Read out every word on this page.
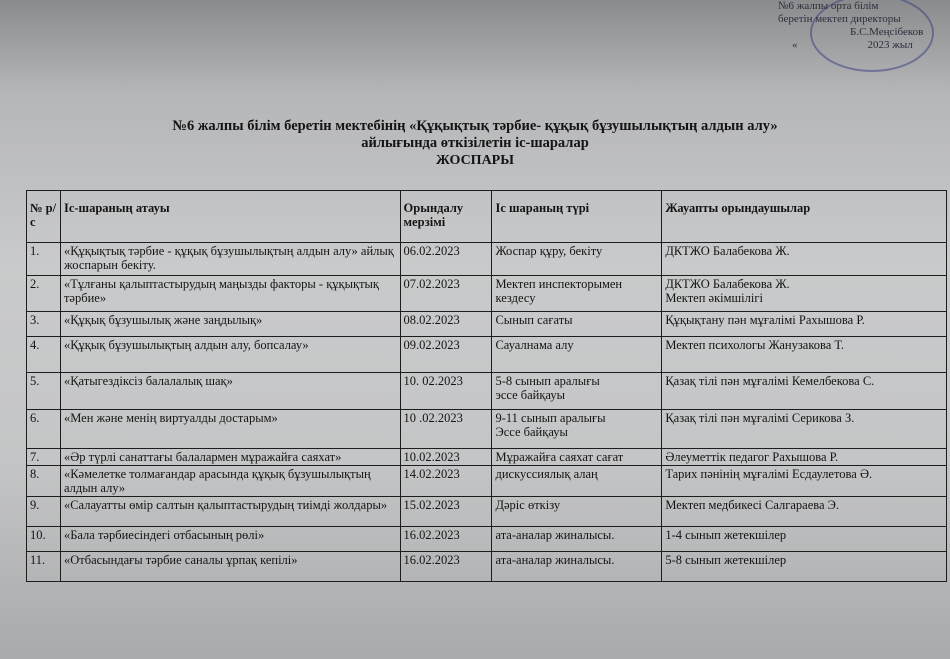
№6 жалпы орта білім
беретін мектеп директоры
Б.С.Меңсібеков
«	2023 жыл
№6 жалпы білім беретін мектебінің «Құқықтық тәрбие- құқық бұзушылықтың алдын алу»
айлығында өткізілетін іс-шаралар
ЖОСПАРЫ
№ р/с	Іс-шараның атауы	Орындалу мерзімі	Іс шараның түрі	Жауапты орындаушылар
1.	«Құқықтық тәрбие - құқық бұзушылықтың алдын алу» айлық жоспарын бекіту.	06.02.2023	Жоспар құру, бекіту	ДКТЖО Балабекова Ж.
2.	«Тұлғаны қалыптастырудың маңызды факторы - құқықтық тәрбие»	07.02.2023	Мектеп инспекторымен кездесу	ДКТЖО Балабекова Ж.
Мектеп әкімшілігі
3.	«Құқық бұзушылық және заңдылық»	08.02.2023	Сынып сағаты	Құқықтану пән мұғалімі Рахышова Р.
4.	«Құқық бұзушылықтың алдын алу, бопсалау»	09.02.2023	Сауалнама алу	Мектеп психологы Жанузакова Т.
5.	«Қатыгездіксіз балалалық шақ»	10. 02.2023	5-8 сынып аралығы
эссе байқауы	Қазақ тілі пән мұғалімі Кемелбекова С.
6.	«Мен және менің виртуалды достарым»	10 .02.2023	9-11 сынып аралығы
Эссе байқауы	Қазақ тілі пән мұғалімі Серикова З.
7.	«Әр түрлі санаттағы балалармен мұражайға саяхат»	10.02.2023	Мұражайға саяхат сағат	Әлеуметтік педагог Рахышова Р.
8.	«Кәмелетке толмағандар арасында құқық бұзушылықтың алдын алу»	14.02.2023	дискуссиялық алаң	Тарих пәнінің мұғалімі Есдаулетова Ә.
9.	«Салауатты өмір салтын қалыптастырудың тиімді жолдары»	15.02.2023	Дәріс өткізу	Мектеп медбикесі Салгараева Э.
10.	«Бала тәрбиесіндегі отбасының рөлі»	16.02.2023	ата-аналар жиналысы.	1-4 сынып жетекшілер
11.	«Отбасындағы тәрбие саналы ұрпақ кепілі»	16.02.2023	ата-аналар жиналысы.	5-8 сынып жетекшілер
